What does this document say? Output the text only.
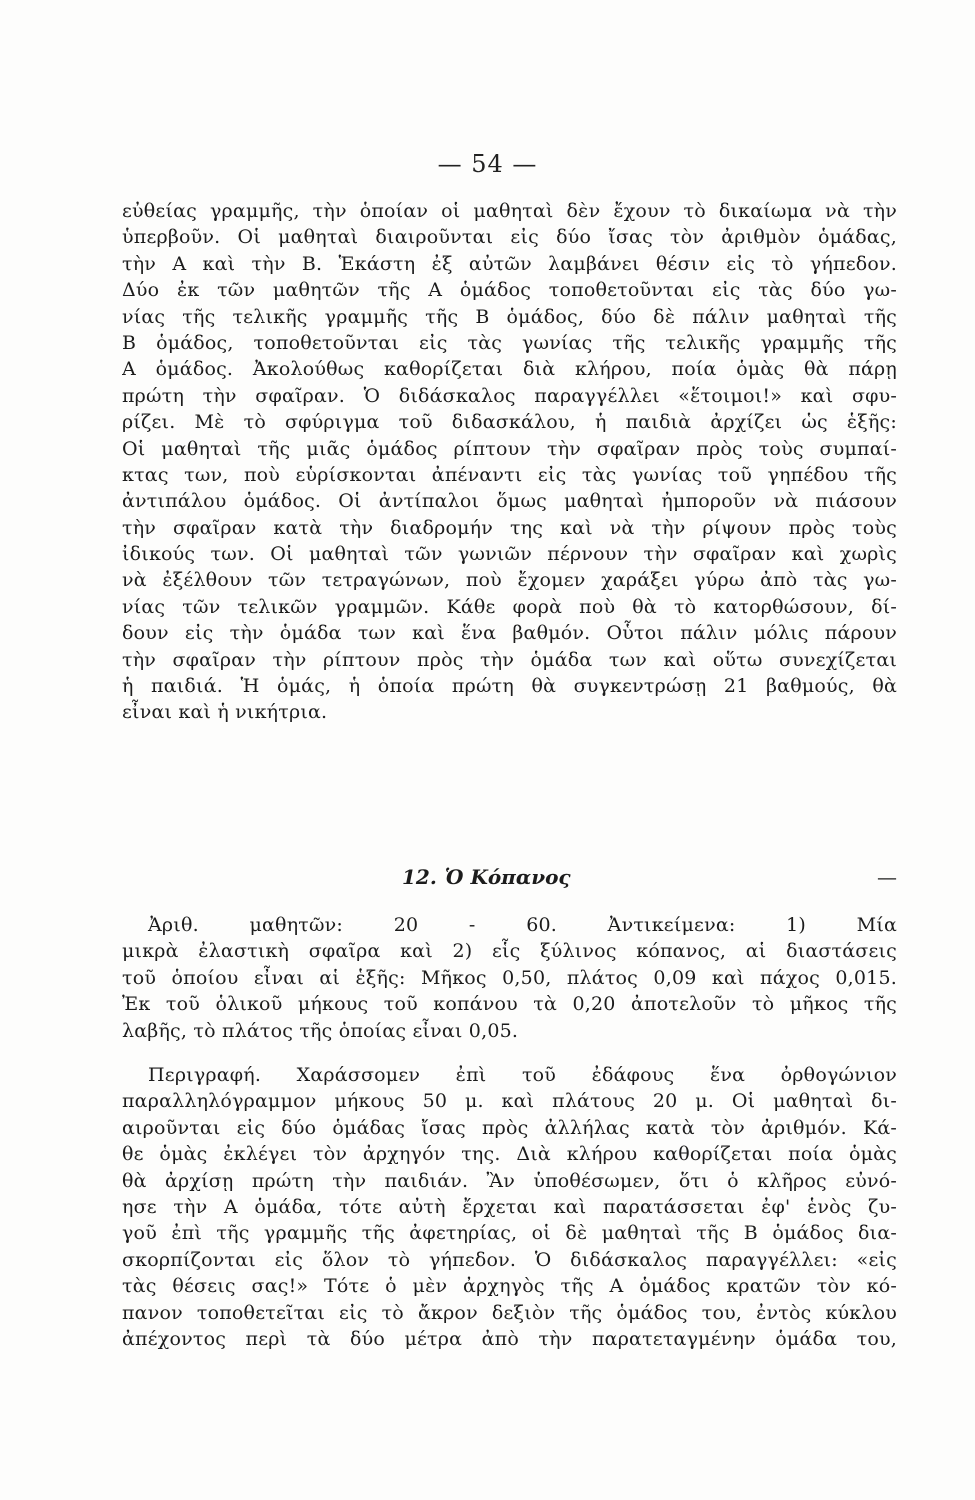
— 54 —
εὐθείας γραμμῆς, τὴν ὁποίαν οἱ μαθηταὶ δὲν ἔχουν τὸ δικαίωμα νὰ τὴν
ὑπερβοῦν. Οἱ μαθηταὶ διαιροῦνται εἰς δύο ἴσας τὸν ἀριθμὸν ὁμάδας,
τὴν Α καὶ τὴν Β. Ἑκάστη ἐξ αὐτῶν λαμβάνει θέσιν εἰς τὸ γήπεδον.
Δύο ἐκ τῶν μαθητῶν τῆς Α ὁμάδος τοποθετοῦνται εἰς τὰς δύο γω-
νίας τῆς τελικῆς γραμμῆς τῆς Β ὁμάδος, δύο δὲ πάλιν μαθηταὶ τῆς
Β ὁμάδος, τοποθετοῦνται εἰς τὰς γωνίας τῆς τελικῆς γραμμῆς τῆς
Α ὁμάδος. Ἀκολούθως καθορίζεται διὰ κλήρου, ποία ὁμὰς θὰ πάρῃ
πρώτη τὴν σφαῖραν. Ὁ διδάσκαλος παραγγέλλει «ἕτοιμοι!» καὶ σφυ-
ρίζει. Μὲ τὸ σφύριγμα τοῦ διδασκάλου, ἡ παιδιὰ ἀρχίζει ὡς ἑξῆς:
Οἱ μαθηταὶ τῆς μιᾶς ὁμάδος ρίπτουν τὴν σφαῖραν πρὸς τοὺς συμπαί-
κτας των, ποὺ εὑρίσκονται ἀπέναντι εἰς τὰς γωνίας τοῦ γηπέδου τῆς
ἀντιπάλου ὁμάδος. Οἱ ἀντίπαλοι ὅμως μαθηταὶ ἠμποροῦν νὰ πιάσουν
τὴν σφαῖραν κατὰ τὴν διαδρομήν της καὶ νὰ τὴν ρίψουν πρὸς τοὺς
ἰδικούς των. Οἱ μαθηταὶ τῶν γωνιῶν πέρνουν τὴν σφαῖραν καὶ χωρὶς
νὰ ἐξέλθουν τῶν τετραγώνων, ποὺ ἔχομεν χαράξει γύρω ἀπὸ τὰς γω-
νίας τῶν τελικῶν γραμμῶν. Κάθε φορὰ ποὺ θὰ τὸ κατορθώσουν, δί-
δουν εἰς τὴν ὁμάδα των καὶ ἕνα βαθμόν. Οὗτοι πάλιν μόλις πάρουν
τὴν σφαῖραν τὴν ρίπτουν πρὸς τὴν ὁμάδα των καὶ οὕτω συνεχίζεται
ἡ παιδιά. Ἡ ὁμάς, ἡ ὁποία πρώτη θὰ συγκεντρώσῃ 21 βαθμούς, θὰ
εἶναι καὶ ἡ νικήτρια.
12. Ὁ Κόπανος	—
Ἀριθ. μαθητῶν: 20 - 60. Ἀντικείμενα: 1) Μία
μικρὰ ἐλαστικὴ σφαῖρα καὶ 2) εἷς ξύλινος κόπανος, αἱ διαστάσεις
τοῦ ὁποίου εἶναι αἱ ἑξῆς: Μῆκος 0,50, πλάτος 0,09 καὶ πάχος 0,015.
Ἐκ τοῦ ὁλικοῦ μήκους τοῦ κοπάνου τὰ 0,20 ἀποτελοῦν τὸ μῆκος τῆς
λαβῆς, τὸ πλάτος τῆς ὁποίας εἶναι 0,05.
Περιγραφή. Χαράσσομεν ἐπὶ τοῦ ἐδάφους ἕνα ὀρθογώνιον
παραλληλόγραμμον μήκους 50 μ. καὶ πλάτους 20 μ. Οἱ μαθηταὶ δι-
αιροῦνται εἰς δύο ὁμάδας ἴσας πρὸς ἀλλήλας κατὰ τὸν ἀριθμόν. Κά-
θε ὁμὰς ἐκλέγει τὸν ἀρχηγόν της. Διὰ κλήρου καθορίζεται ποία ὁμὰς
θὰ ἀρχίσῃ πρώτη τὴν παιδιάν. Ἂν ὑποθέσωμεν, ὅτι ὁ κλῆρος εὐνό-
ησε τὴν Α ὁμάδα, τότε αὐτὴ ἔρχεται καὶ παρατάσσεται ἐφ' ἑνὸς ζυ-
γοῦ ἐπὶ τῆς γραμμῆς τῆς ἀφετηρίας, οἱ δὲ μαθηταὶ τῆς Β ὁμάδος δια-
σκορπίζονται εἰς ὅλον τὸ γήπεδον. Ὁ διδάσκαλος παραγγέλλει: «εἰς
τὰς θέσεις σας!» Τότε ὁ μὲν ἀρχηγὸς τῆς Α ὁμάδος κρατῶν τὸν κό-
πανον τοποθετεῖται εἰς τὸ ἄκρον δεξιὸν τῆς ὁμάδος του, ἐντὸς κύκλου
ἀπέχοντος περὶ τὰ δύο μέτρα ἀπὸ τὴν παρατεταγμένην ὁμάδα του,
